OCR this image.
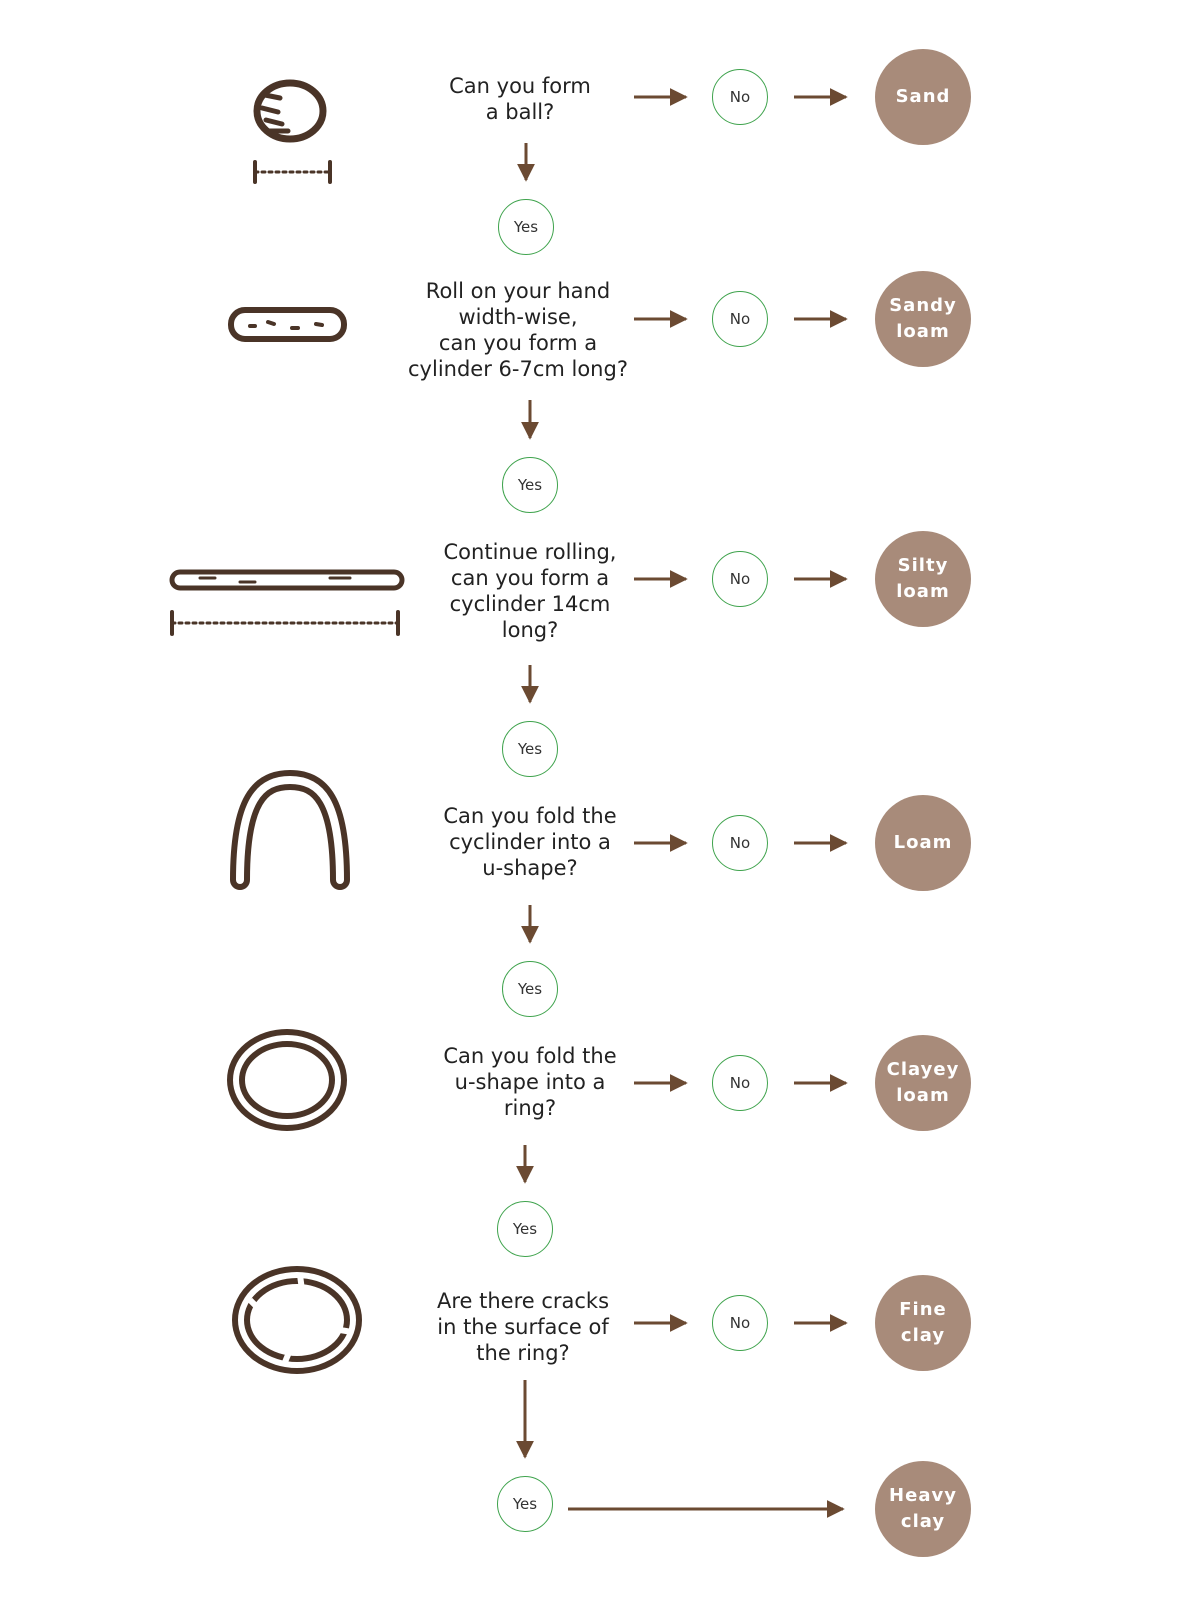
Can you form
a ball?
Roll on your hand
width-wise,
can you form a
cylinder 6-7cm long?
Continue rolling,
can you form a
cyclinder 14cm
long?
Can you fold the
cyclinder into a
u-shape?
Can you fold the
u-shape into a
ring?
Are there cracks
in the surface of
the ring?
No
No
No
No
No
No
Yes
Yes
Yes
Yes
Yes
Yes
Sand
Sandy
loam
Silty
loam
Loam
Clayey
loam
Fine
clay
Heavy
clay
